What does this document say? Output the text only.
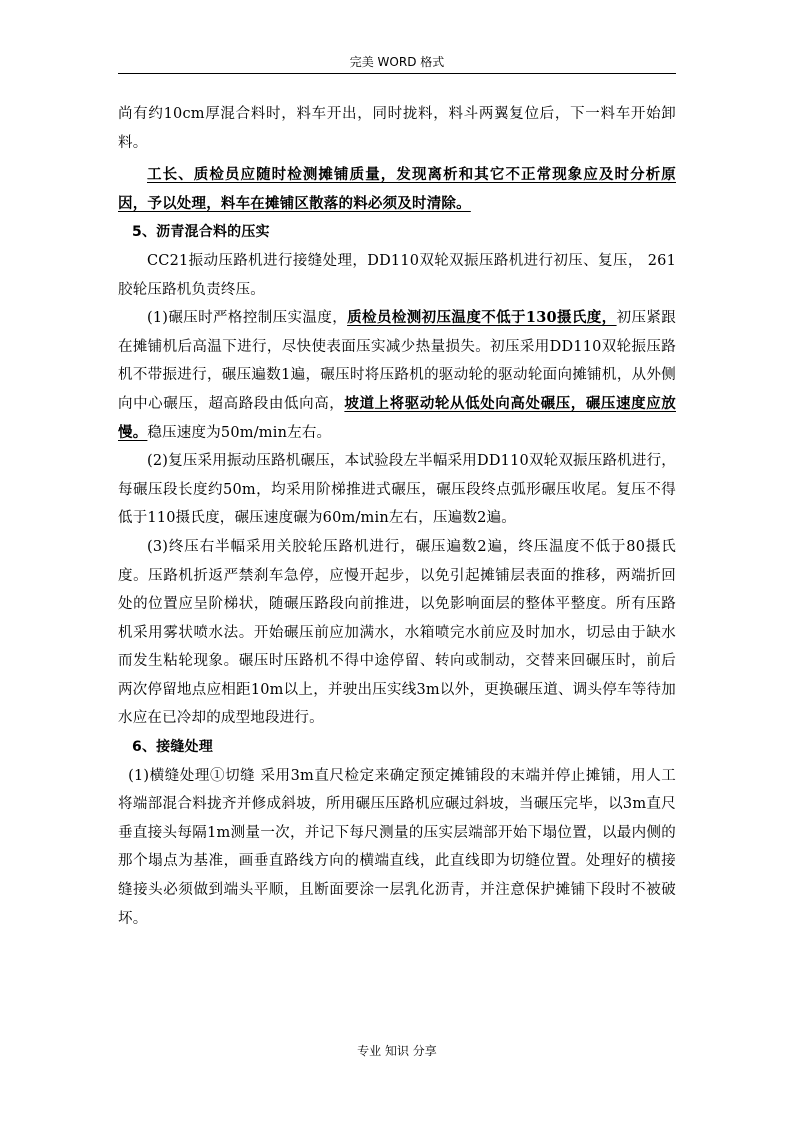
完美 WORD 格式

尚有约10cm厚混合料时，料车开出，同时拢料，料斗两翼复位后，下一料车开始卸料。

工长、质检员应随时检测摊铺质量，发现离析和其它不正常现象应及时分析原因，予以处理，料车在摊铺区散落的料必须及时清除。

5、沥青混合料的压实

CC21振动压路机进行接缝处理，DD110双轮双振压路机进行初压、复压， 261胶轮压路机负责终压。

(1)碾压时严格控制压实温度，质检员检测初压温度不低于130摄氏度，初压紧跟在摊铺机后高温下进行，尽快使表面压实减少热量损失。初压采用DD110双轮振压路机不带振进行，碾压遍数1遍，碾压时将压路机的驱动轮的驱动轮面向摊铺机，从外侧向中心碾压，超高路段由低向高，坡道上将驱动轮从低处向高处碾压，碾压速度应放慢。稳压速度为50m/min左右。

(2)复压采用振动压路机碾压，本试验段左半幅采用DD110双轮双振压路机进行，每碾压段长度约50m，均采用阶梯推进式碾压，碾压段终点弧形碾压收尾。复压不得低于110摄氏度，碾压速度碾为60m/min左右，压遍数2遍。

(3)终压右半幅采用关胶轮压路机进行，碾压遍数2遍，终压温度不低于80摄氏度。压路机折返严禁刹车急停，应慢开起步，以免引起摊铺层表面的推移，两端折回处的位置应呈阶梯状，随碾压路段向前推进，以免影响面层的整体平整度。所有压路机采用雾状喷水法。开始碾压前应加满水，水箱喷完水前应及时加水，切忌由于缺水而发生粘轮现象。碾压时压路机不得中途停留、转向或制动，交替来回碾压时，前后两次停留地点应相距10m以上，并驶出压实线3m以外，更换碾压道、调头停车等待加水应在已冷却的成型地段进行。

6、接缝处理

(1)横缝处理①切缝 采用3m直尺检定来确定预定摊铺段的末端并停止摊铺，用人工将端部混合料拢齐并修成斜坡，所用碾压压路机应碾过斜坡，当碾压完毕，以3m直尺垂直接头每隔1m测量一次，并记下每尺测量的压实层端部开始下塌位置，以最内侧的那个塌点为基准，画垂直路线方向的横端直线，此直线即为切缝位置。处理好的横接缝接头必须做到端头平顺，且断面要涂一层乳化沥青，并注意保护摊铺下段时不被破坏。

专业 知识 分享
